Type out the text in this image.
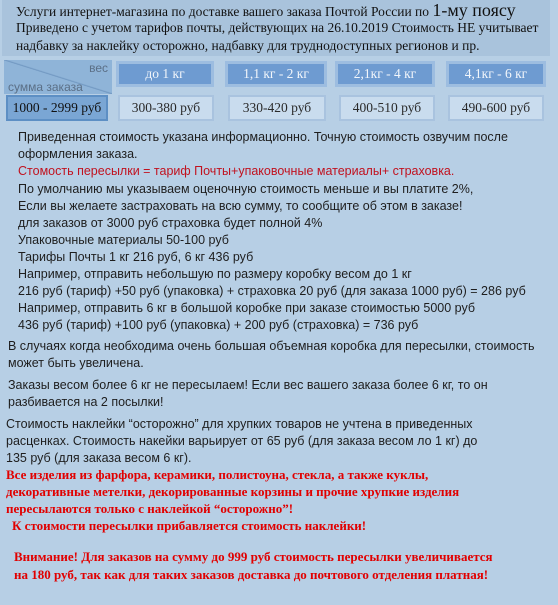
Услуги интернет-магазина по доставке вашего заказа Почтой России по 1-му поясу
Приведено с учетом тарифов почты, действующих на 26.10.2019 Стоимость НЕ учитывает
надбавку за наклейку осторожно, надбавку для труднодоступных регионов и пр.
вес
сумма заказа
до 1 кг	1,1 кг - 2 кг	2,1кг - 4 кг	4,1кг - 6 кг
1000 - 2999 руб	300-380 руб	330-420 руб	400-510 руб	490-600 руб
Приведенная стоимость указана информационно. Точную стоимость озвучим после
оформления заказа.
Стомость пересылки = тариф Почты+упаковочные материалы+ страховка.
По умолчанию мы указываем оценочную стоимость меньше и вы платите 2%,
Если вы желаете застраховать на всю сумму, то сообщите об этом в заказе!
для заказов от 3000 руб страховка будет полной 4%
Упаковочные материалы 50-100 руб
Тарифы Почты 1 кг 216 руб, 6 кг 436 руб
Например, отправить небольшую по размеру коробку весом до 1 кг
216 руб (тариф) +50 руб (упаковка) + страховка 20 руб (для заказа 1000 руб) = 286 руб
Например, отправить 6 кг в большой коробке при заказе стоимостью 5000 руб
436 руб (тариф) +100 руб (упаковка) + 200 руб (страховка) = 736 руб
В случаях когда необходима очень большая объемная коробка для пересылки, стоимость
может быть увеличена.
Заказы весом более 6 кг не пересылаем! Если вес вашего заказа более 6 кг, то он
разбивается на 2 посылки!
Стоимость наклейки “осторожно” для хрупких товаров не учтена в приведенных
расценках. Стоимость накейки варьирует от 65 руб (для заказа весом ло 1 кг) до
135 руб (для заказа весом 6 кг).
Все изделия из фарфора, керамики, полистоуна, стекла, а также куклы,
декоративные метелки, декорированные корзины и прочие хрупкие изделия
пересылаются только с наклейкой “осторожно”!
К стоимости пересылки прибавляется стоимость наклейки!
Внимание! Для заказов на сумму до 999 руб стоимость пересылки увеличивается
на 180 руб, так как для таких заказов доставка до почтового отделения платная!
